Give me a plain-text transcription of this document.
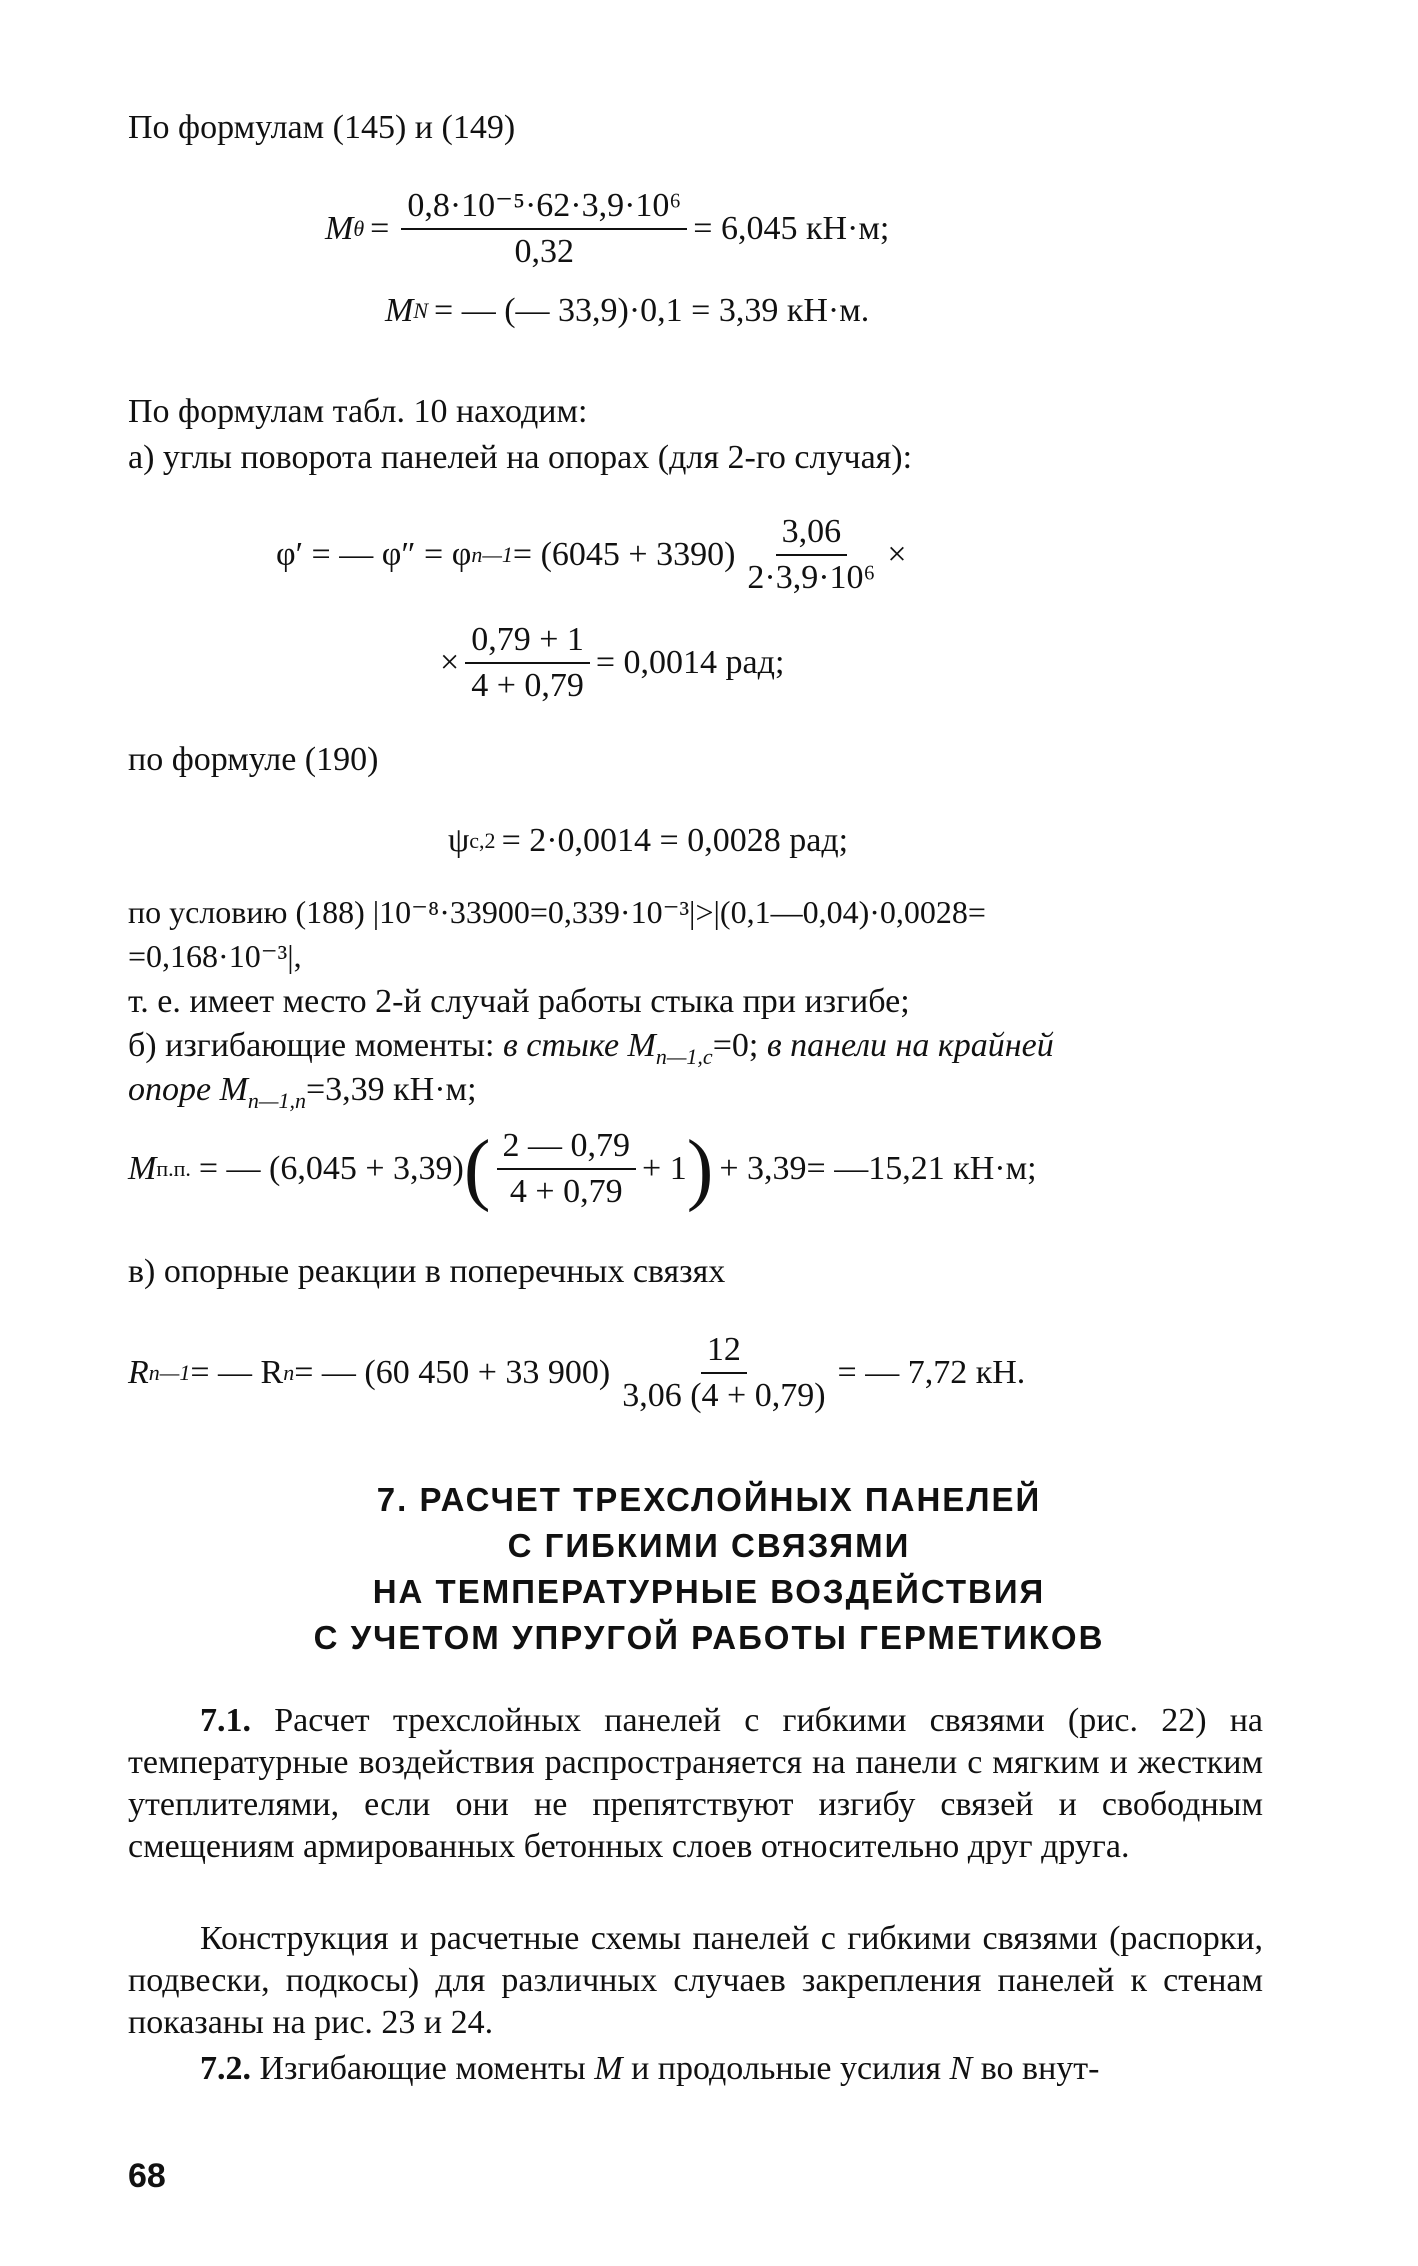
По формулам (145) и (149)
M $\theta = \frac{\text{0,8·10⁻⁵·62·3,9·10⁶}}{0,32} = 6,045$ кН·м;
M N = — (— 33,9)·0,1 = 3,39 кН·м.
По формулам табл. 10 находим:
а) углы поворота панелей на опорах (для 2-го случая):
φ′ = — φ″ = φ n—1 = $(6045 + 3390) \frac{3,06}{\text{2·3,9·10⁶}}$ ×
× $\frac{0,79 + 1}{4 + 0,79} = 0,0014$ рад;
по формуле (190)
ψ c,2 = 2·0,0014 = 0,0028 рад;
по условию (188) |10⁻⁸·33900=0,339·10⁻³|>|(0,1—0,04)·0,0028=
=0,168·10⁻³|,
т. е. имеет место 2-й случай работы стыка при изгибе;
б) изгибающие моменты: в стыке $M_{n—1,c}=0$; в панели на крайней
опоре $M_{n—1,п}=3,39$ кН·м;
M п.п. = — (6,045 + 3,39) ( $\frac{2 — 0,79}{4 + 0,79} + 1$ ) + 3,39= —15,21 кН·м;
в) опорные реакции в поперечных связях
R n—1 = — R n = — (60 450 + 33 $900) \frac{12}{3,06 (4 + 0,79)}$ = — 7,72 кН.
7. РАСЧЕТ ТРЕХСЛОЙНЫХ ПАНЕЛЕЙ
С ГИБКИМИ СВЯЗЯМИ
НА ТЕМПЕРАТУРНЫЕ ВОЗДЕЙСТВИЯ
С УЧЕТОМ УПРУГОЙ РАБОТЫ ГЕРМЕТИКОВ
7.1. Расчет трехслойных панелей с гибкими связями (рис. 22) на температурные воздействия распространяется на панели с мягким и жестким утеплителями, если они не препятствуют изгибу связей и свободным смещениям армированных бетонных слоев относительно друг друга.
Конструкция и расчетные схемы панелей с гибкими связями (распорки, подвески, подкосы) для различных случаев закрепления панелей к стенам показаны на рис. 23 и 24.
7.2. Изгибающие моменты M и продольные усилия N во внут-
68
